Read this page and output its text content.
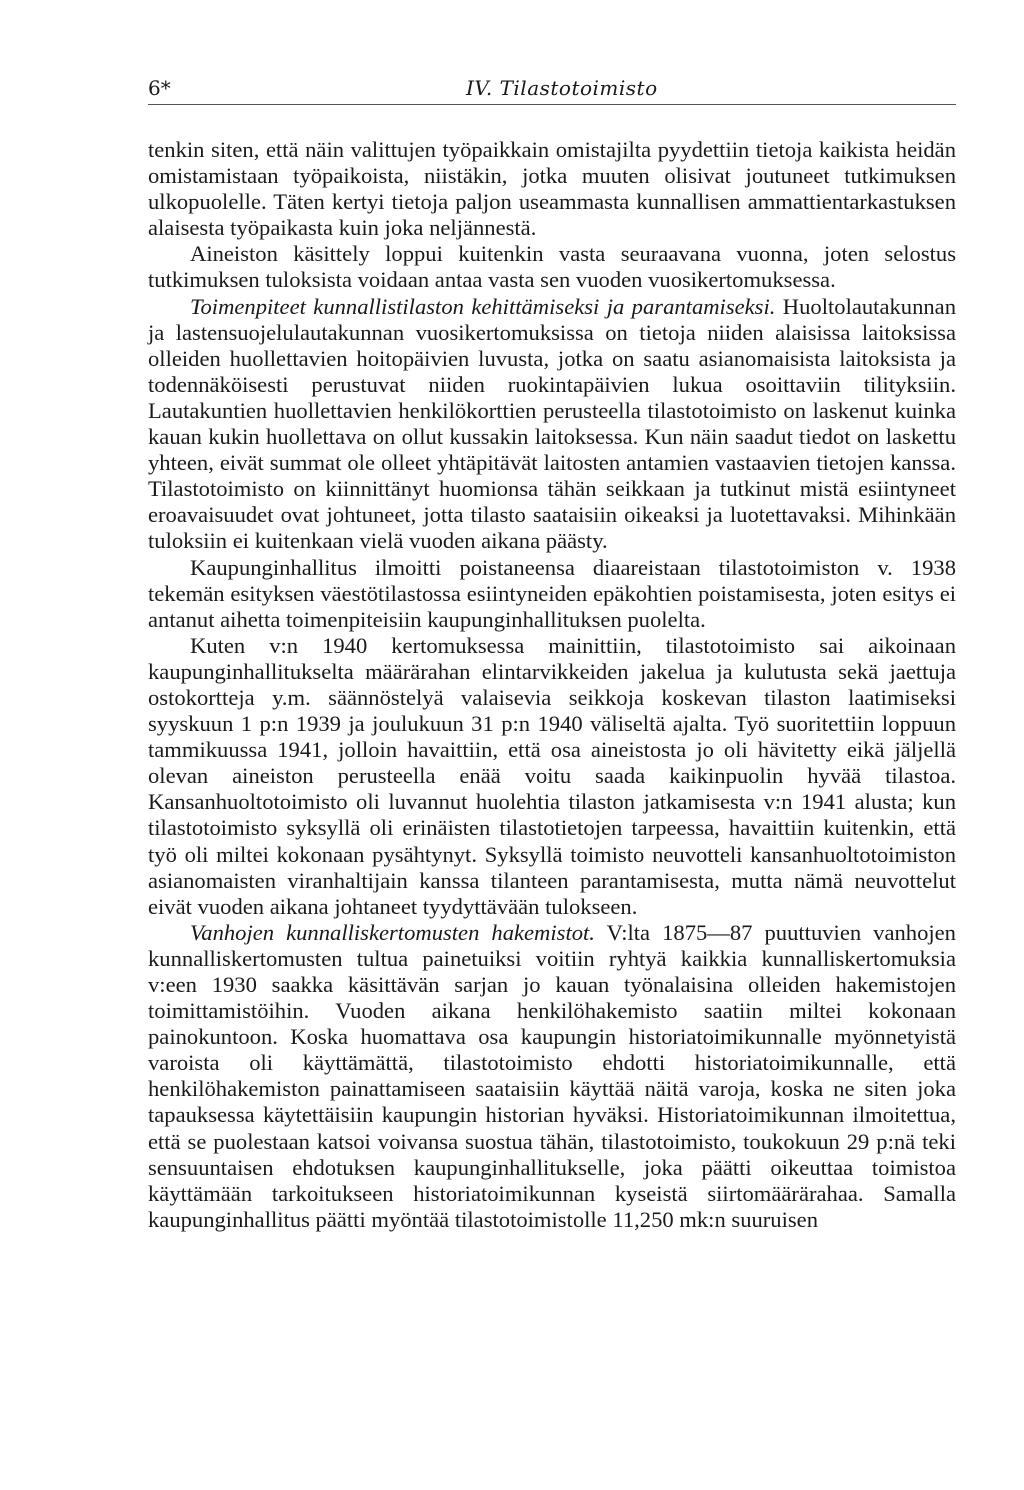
6*	IV. Tilastotoimisto

tenkin siten, että näin valittujen työpaikkain omistajilta pyydettiin tietoja kaikista heidän omistamistaan työpaikoista, niistäkin, jotka muuten olisivat joutuneet tutkimuksen ulkopuolelle. Täten kertyi tietoja paljon useammasta kunnallisen ammattientarkastuksen alaisesta työpaikasta kuin joka neljännestä.

Aineiston käsittely loppui kuitenkin vasta seuraavana vuonna, joten selostus tutkimuksen tuloksista voidaan antaa vasta sen vuoden vuosikertomuksessa.

Toimenpiteet kunnallistilaston kehittämiseksi ja parantamiseksi. Huoltolautakunnan ja lastensuojelulautakunnan vuosikertomuksissa on tietoja niiden alaisissa laitoksissa olleiden huollettavien hoitopäivien luvusta, jotka on saatu asianomaisista laitoksista ja todennäköisesti perustuvat niiden ruokintapäivien lukua osoittaviin tilityksiin. Lautakuntien huollettavien henkilökorttien perusteella tilastotoimisto on laskenut kuinka kauan kukin huollettava on ollut kussakin laitoksessa. Kun näin saadut tiedot on laskettu yhteen, eivät summat ole olleet yhtäpitävät laitosten antamien vastaavien tietojen kanssa. Tilastotoimisto on kiinnittänyt huomionsa tähän seikkaan ja tutkinut mistä esiintyneet eroavaisuudet ovat johtuneet, jotta tilasto saataisiin oikeaksi ja luotettavaksi. Mihinkään tuloksiin ei kuitenkaan vielä vuoden aikana päästy.

Kaupunginhallitus ilmoitti poistaneensa diaareistaan tilastotoimiston v. 1938 tekemän esityksen väestötilastossa esiintyneiden epäkohtien poistamisesta, joten esitys ei antanut aihetta toimenpiteisiin kaupunginhallituksen puolelta.

Kuten v:n 1940 kertomuksessa mainittiin, tilastotoimisto sai aikoinaan kaupunginhallitukselta määrärahan elintarvikkeiden jakelua ja kulutusta sekä jaettuja ostokortteja y.m. säännöstelyä valaisevia seikkoja koskevan tilaston laatimiseksi syyskuun 1 p:n 1939 ja joulukuun 31 p:n 1940 väliseltä ajalta. Työ suoritettiin loppuun tammikuussa 1941, jolloin havaittiin, että osa aineistosta jo oli hävitetty eikä jäljellä olevan aineiston perusteella enää voitu saada kaikinpuolin hyvää tilastoa. Kansanhuoltotoimisto oli luvannut huolehtia tilaston jatkamisesta v:n 1941 alusta; kun tilastotoimisto syksyllä oli erinäisten tilastotietojen tarpeessa, havaittiin kuitenkin, että työ oli miltei kokonaan pysähtynyt. Syksyllä toimisto neuvotteli kansanhuoltotoimiston asianomaisten viranhaltijain kanssa tilanteen parantamisesta, mutta nämä neuvottelut eivät vuoden aikana johtaneet tyydyttävään tulokseen.

Vanhojen kunnalliskertomusten hakemistot. V:lta 1875—87 puuttuvien vanhojen kunnalliskertomusten tultua painetuiksi voitiin ryhtyä kaikkia kunnalliskertomuksia v:een 1930 saakka käsittävän sarjan jo kauan työnalaisina olleiden hakemistojen toimittamistöihin. Vuoden aikana henkilöhakemisto saatiin miltei kokonaan painokuntoon. Koska huomattava osa kaupungin historiatoimikunnalle myönnetyistä varoista oli käyttämättä, tilastotoimisto ehdotti historiatoimikunnalle, että henkilöhakemiston painattamiseen saataisiin käyttää näitä varoja, koska ne siten joka tapauksessa käytettäisiin kaupungin historian hyväksi. Historiatoimikunnan ilmoitettua, että se puolestaan katsoi voivansa suostua tähän, tilastotoimisto, toukokuun 29 p:nä teki sensuuntaisen ehdotuksen kaupunginhallitukselle, joka päätti oikeuttaa toimistoa käyttämään tarkoitukseen historiatoimikunnan kyseistä siirtomäärärahaa. Samalla kaupunginhallitus päätti myöntää tilastotoimistolle 11,250 mk:n suuruisen
